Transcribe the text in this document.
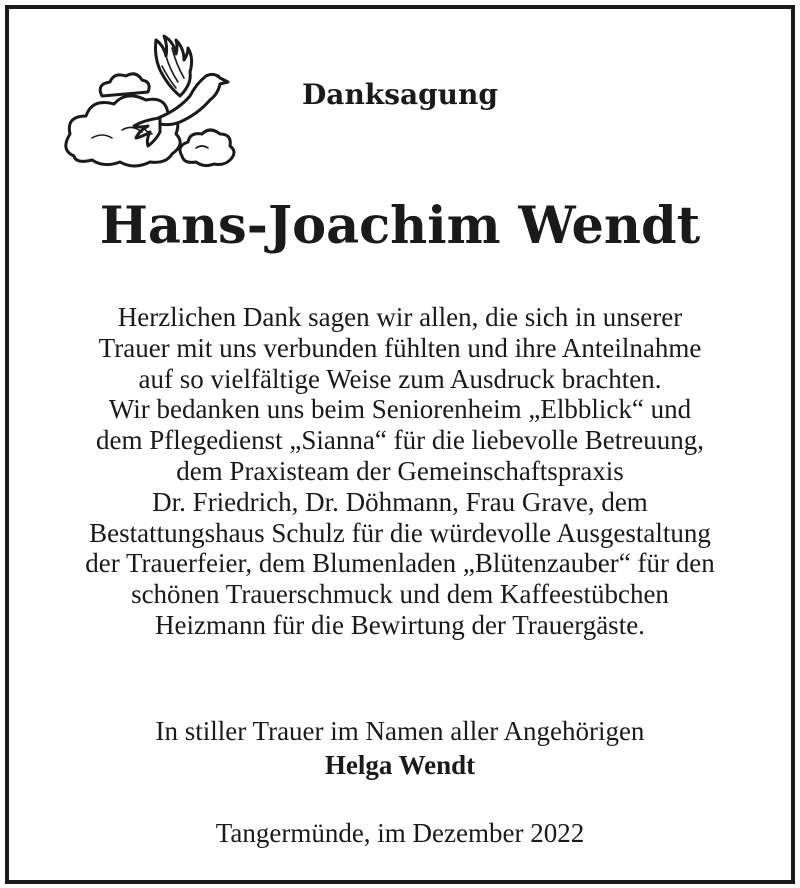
Danksagung
Hans-Joachim Wendt
Herzlichen Dank sagen wir allen, die sich in unserer
Trauer mit uns verbunden fühlten und ihre Anteilnahme
auf so vielfältige Weise zum Ausdruck brachten.
Wir bedanken uns beim Seniorenheim „Elbblick“ und
dem Pflegedienst „Sianna“ für die liebevolle Betreuung,
dem Praxisteam der Gemeinschaftspraxis
Dr. Friedrich, Dr. Döhmann, Frau Grave, dem
Bestattungshaus Schulz für die würdevolle Ausgestaltung
der Trauerfeier, dem Blumenladen „Blütenzauber“ für den
schönen Trauerschmuck und dem Kaffeestübchen
Heizmann für die Bewirtung der Trauergäste.
In stiller Trauer im Namen aller Angehörigen
Helga Wendt
Tangermünde, im Dezember 2022
